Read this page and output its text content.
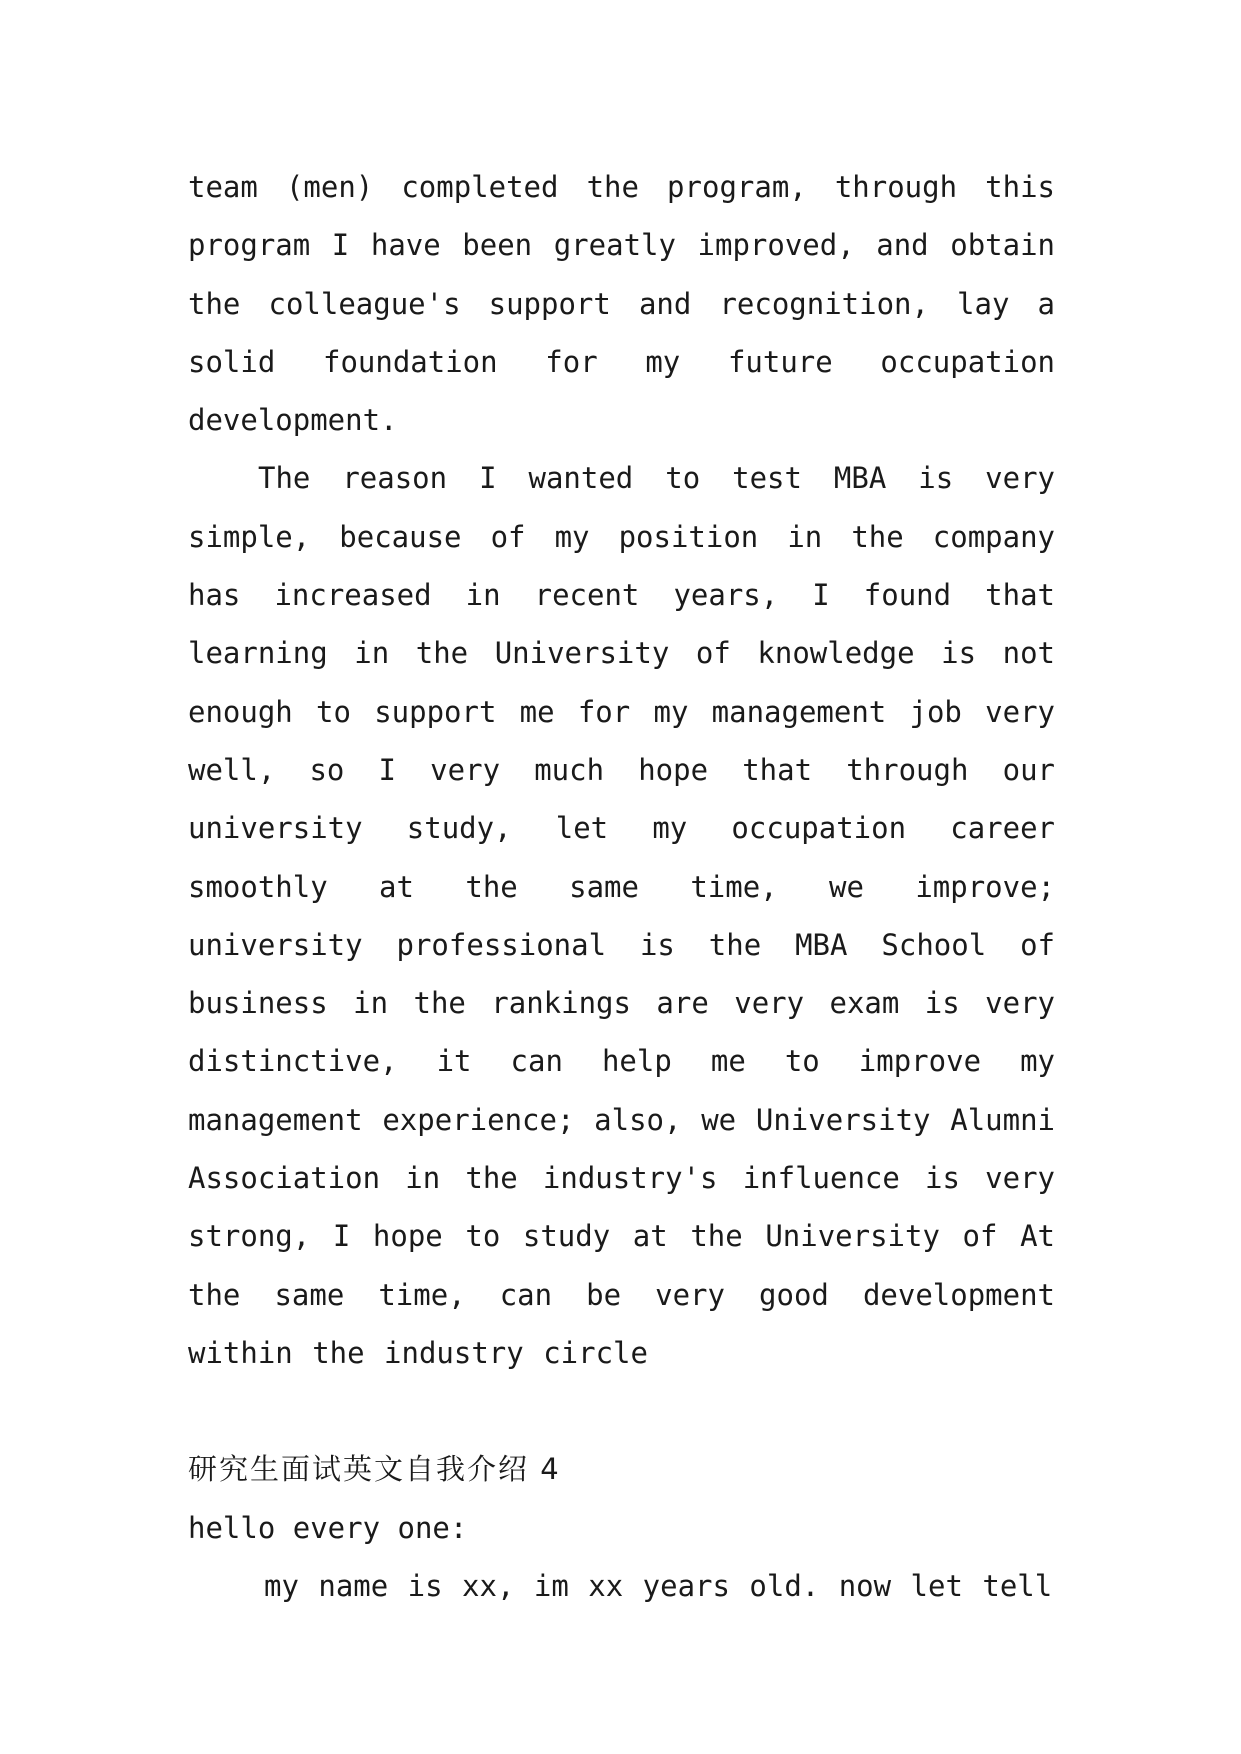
team (men) completed the program, through this program I have been greatly improved, and obtain the colleague's support and recognition, lay a solid foundation for my future occupation development.

The reason I wanted to test MBA is very simple, because of my position in the company has increased in recent years, I found that learning in the University of knowledge is not enough to support me for my management job very well, so I very much hope that through our university study, let my occupation career smoothly at the same time, we improve; university professional is the MBA School of business in the rankings are very exam is very distinctive, it can help me to improve my management experience; also, we University Alumni Association in the industry's influence is very strong, I hope to study at the University of At the same time, can be very good development within the industry circle

研究生面试英文自我介绍 4

hello every one:

my name is xx, im xx years old. now let tell
